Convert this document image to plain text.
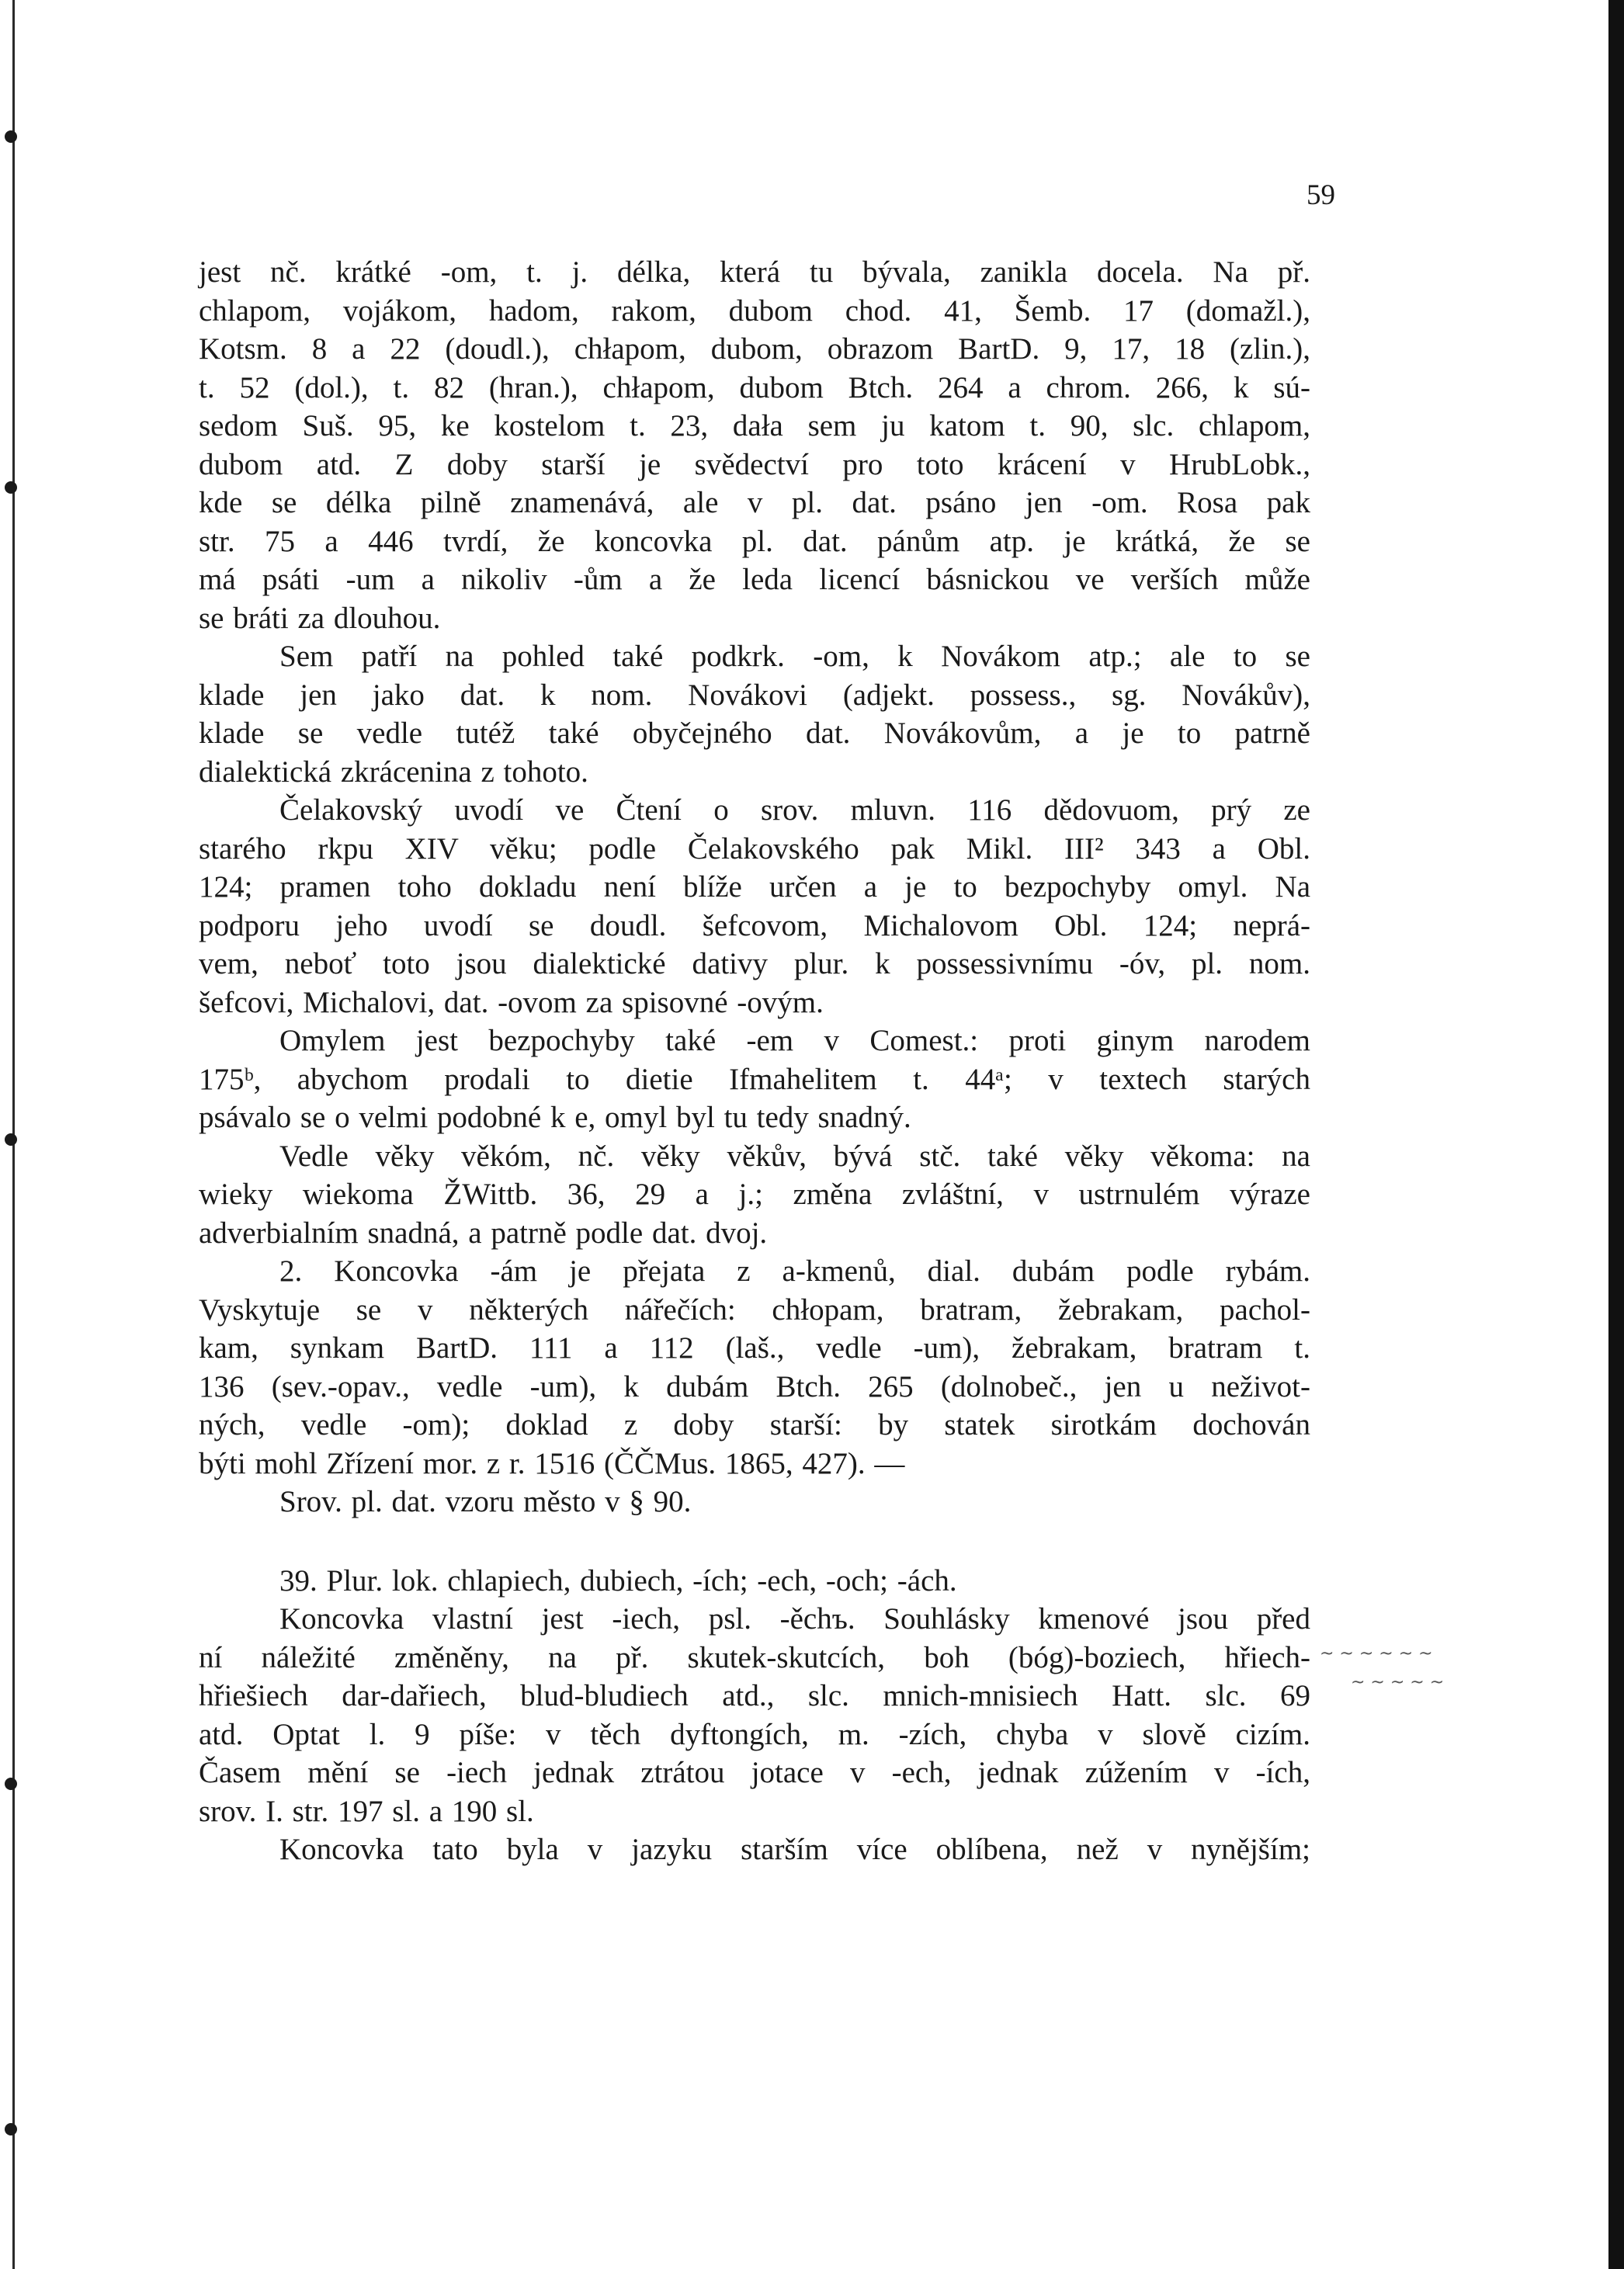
59
jest nč. krátké -om, t. j. délka, která tu bývala, zanikla docela. Na př.
chlapom, vojákom, hadom, rakom, dubom chod. 41, Šemb. 17 (domažl.),
Kotsm. 8 a 22 (doudl.), chłapom, dubom, obrazom BartD. 9, 17, 18 (zlin.),
t. 52 (dol.), t. 82 (hran.), chłapom, dubom Btch. 264 a chrom. 266, k sú-
sedom Suš. 95, ke kostelom t. 23, dała sem ju katom t. 90, slc. chlapom,
dubom atd. Z doby starší je svědectví pro toto krácení v HrubLobk.,
kde se délka pilně znamenává, ale v pl. dat. psáno jen -om. Rosa pak
str. 75 a 446 tvrdí, že koncovka pl. dat. pánům atp. je krátká, že se
má psáti -um a nikoliv -ům a že leda licencí básnickou ve verších může
se bráti za dlouhou.
Sem patří na pohled také podkrk. -om, k Novákom atp.; ale to se
klade jen jako dat. k nom. Novákovi (adjekt. possess., sg. Novákův),
klade se vedle tutéž také obyčejného dat. Novákovům, a je to patrně
dialektická zkrácenina z tohoto.
Čelakovský uvodí ve Čtení o srov. mluvn. 116 dědovuom, prý ze
starého rkpu XIV věku; podle Čelakovského pak Mikl. III² 343 a Obl.
124; pramen toho dokladu není blíže určen a je to bezpochyby omyl. Na
podporu jeho uvodí se doudl. šefcovom, Michalovom Obl. 124; neprá-
vem, neboť toto jsou dialektické dativy plur. k possessivnímu -óv, pl. nom.
šefcovi, Michalovi, dat. -ovom za spisovné -ovým.
Omylem jest bezpochyby také -em v Comest.: proti ginym narodem
175ᵇ, abychom prodali to dietie Ifmahelitem t. 44ᵃ; v textech starých
psávalo se o velmi podobné k e, omyl byl tu tedy snadný.
Vedle věky věkóm, nč. věky věkův, bývá stč. také věky věkoma: na
wieky wiekoma ŽWittb. 36, 29 a j.; změna zvláštní, v ustrnulém výraze
adverbialním snadná, a patrně podle dat. dvoj.
2. Koncovka -ám je přejata z a-kmenů, dial. dubám podle rybám.
Vyskytuje se v některých nářečích: chłopam, bratram, žebrakam, pachol-
kam, synkam BartD. 111 a 112 (laš., vedle -um), žebrakam, bratram t.
136 (sev.-opav., vedle -um), k dubám Btch. 265 (dolnobeč., jen u neživot-
ných, vedle -om); doklad z doby starší: by statek sirotkám dochován
býti mohl Zřízení mor. z r. 1516 (ČČMus. 1865, 427). —
Srov. pl. dat. vzoru město v § 90.
39. Plur. lok. chlapiech, dubiech, -ích; -ech, -och; -ách.
Koncovka vlastní jest -iech, psl. -ěchъ. Souhlásky kmenové jsou před
ní náležité změněny, na př. skutek-skutcích, boh (bóg)-boziech, hřiech-
hřiešiech dar-dařiech, blud-bludiech atd., slc. mnich-mnisiech Hatt. slc. 69
atd. Optat l. 9 píše: v těch dyftongích, m. -zích, chyba v slově cizím.
Časem mění se -iech jednak ztrátou jotace v -ech, jednak zúžením v -ích,
srov. I. str. 197 sl. a 190 sl.
Koncovka tato byla v jazyku starším více oblíbena, než v nynějším;
~ ~ ~ ~ ~ ~
~ ~ ~ ~ ~
